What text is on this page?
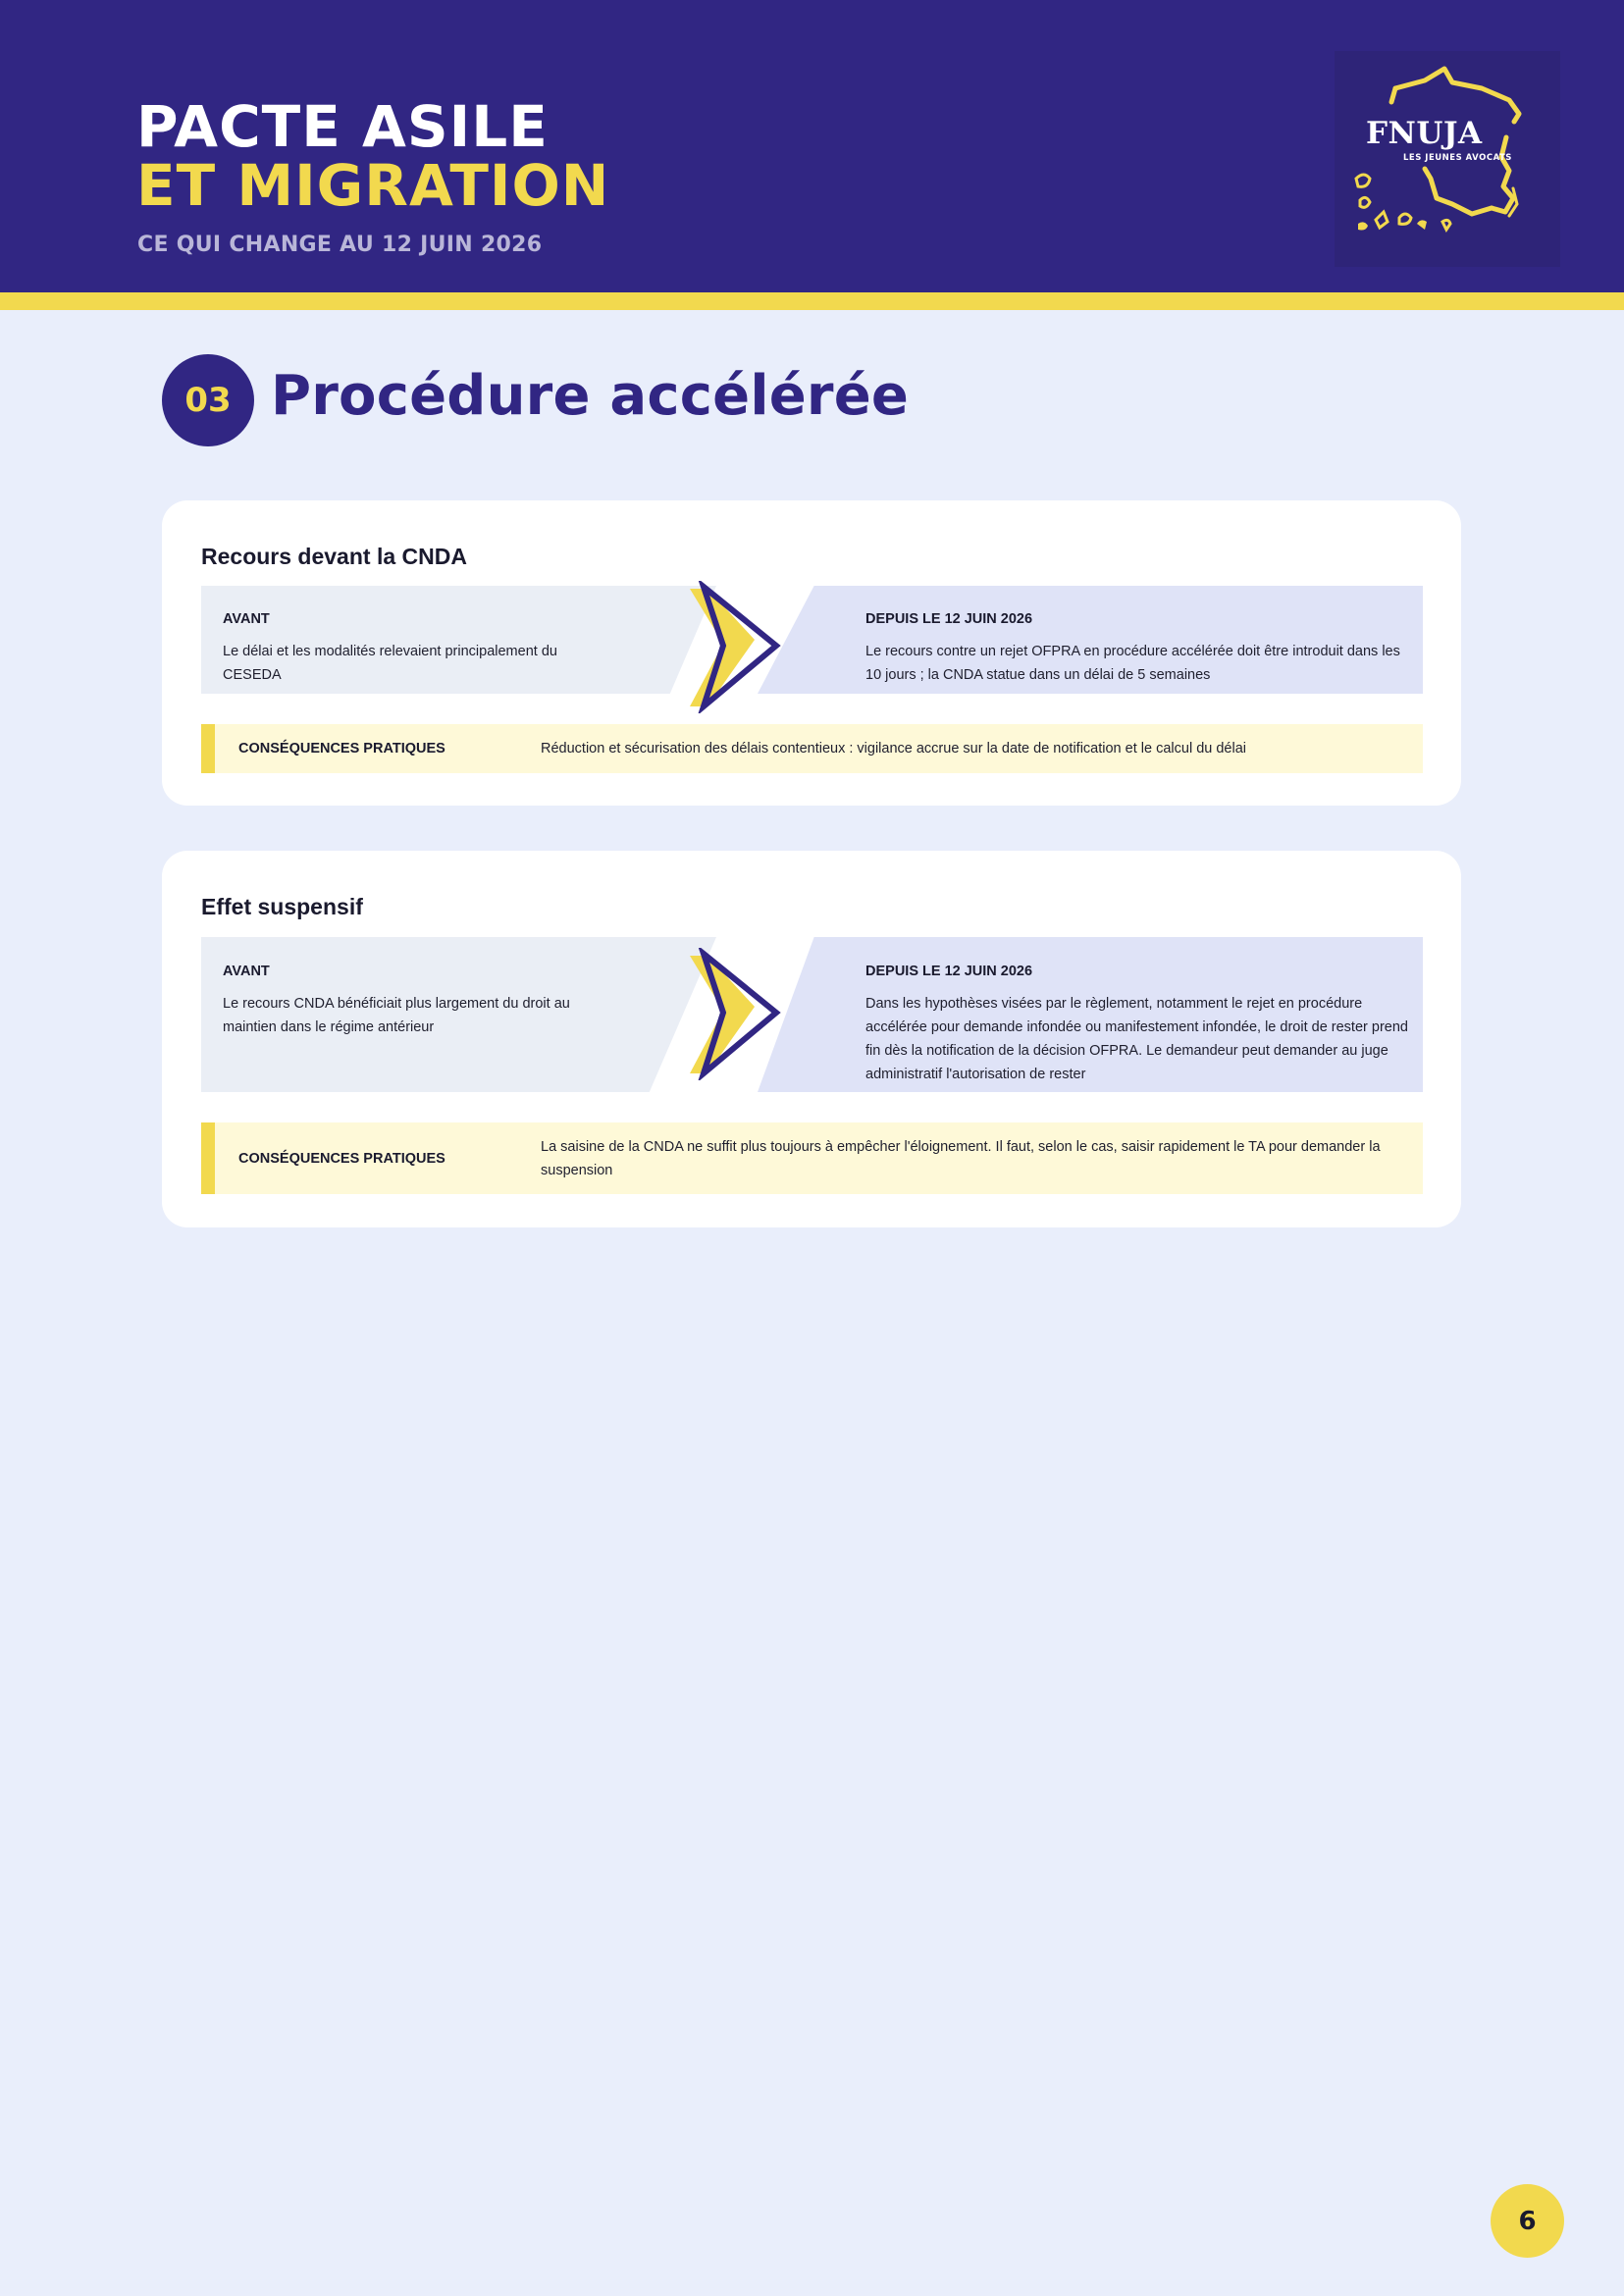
PACTE ASILE
ET MIGRATION
CE QUI CHANGE AU 12 JUIN 2026
FNUJA
LES JEUNES AVOCATS
03 Procédure accélérée
Recours devant la CNDA
AVANT
Le délai et les modalités relevaient principalement du CESEDA
DEPUIS LE 12 JUIN 2026
Le recours contre un rejet OFPRA en procédure accélérée doit être introduit dans les 10 jours ; la CNDA statue dans un délai de 5 semaines
CONSÉQUENCES PRATIQUES	Réduction et sécurisation des délais contentieux : vigilance accrue sur la date de notification et le calcul du délai
Effet suspensif
AVANT
Le recours CNDA bénéficiait plus largement du droit au maintien dans le régime antérieur
DEPUIS LE 12 JUIN 2026
Dans les hypothèses visées par le règlement, notamment le rejet en procédure accélérée pour demande infondée ou manifestement infondée, le droit de rester prend fin dès la notification de la décision OFPRA. Le demandeur peut demander au juge administratif l'autorisation de rester
CONSÉQUENCES PRATIQUES
La saisine de la CNDA ne suffit plus toujours à empêcher l'éloignement. Il faut, selon le cas, saisir rapidement le TA pour demander la suspension
6
